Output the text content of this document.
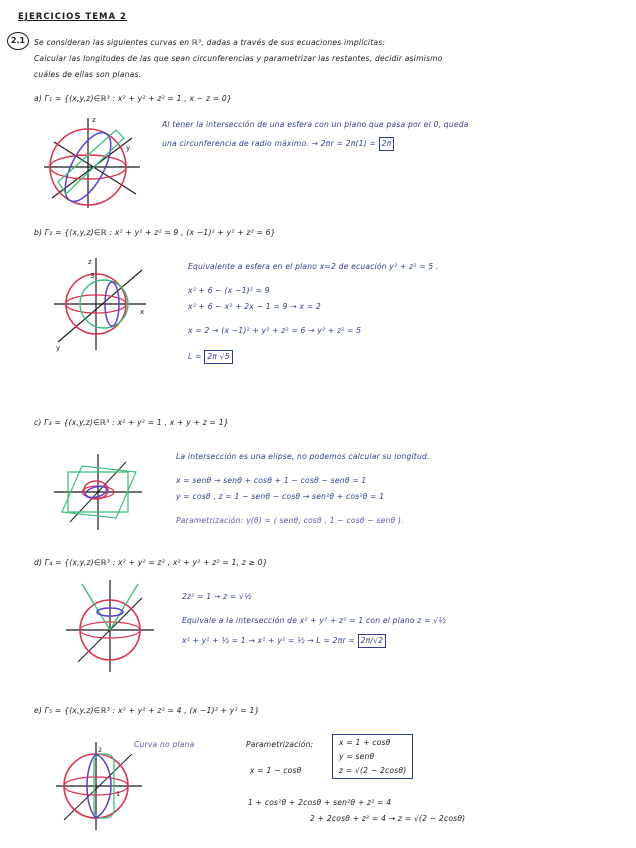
EJERCICIOS TEMA 2
2.1	Se consideran las siguientes curvas en ℝ³, dadas a través de sus ecuaciones implícitas:
Calcular las longitudes de las que sean circunferencias y parametrizar las restantes, decidir asimismo
cuáles de ellas son planas.
a) Γ₁ = {(x,y,z)∈ℝ³ : x² + y² + z² = 1 , x − z = 0}
z
y
Al tener la intersección de una esfera con un plano que pasa por el 0, queda
una circunferencia de radio máximo. → 2πr = 2π(1) = 2π
b) Γ₂ = {(x,y,z)∈ℝ : x² + y² + z² = 9 , (x −1)² + y² + z² = 6}
z
3
y
x
Equivalente a esfera en el plano x=2 de ecuación y² + z² = 5 .
x² + 6 − (x −1)² = 9
x² + 6 − x² + 2x − 1 = 9 → x = 2
x = 2 → (x −1)² + y² + z² = 6 → y² + z² = 5
L = 2π √5
c) Γ₃ = {(x,y,z)∈ℝ³ : x² + y² = 1 , x + y + z = 1}
La intersección es una elipse, no podemos calcular su longitud.
x = senθ → senθ + cosθ + 1 − cosθ − senθ = 1
y = cosθ , z = 1 − senθ − cosθ → sen²θ + cos²θ = 1
Parametrización: γ(θ) = ( senθ, cosθ , 1 − cosθ − senθ ).
d) Γ₄ = {(x,y,z)∈ℝ³ : x² + y² = z² , x² + y² + z² = 1, z ≥ 0}
2z² = 1 → z = √½
Equivale a la intersección de x² + y² + z² = 1 con el plano z = √½
x² + y² + ½ = 1 → x² + y² = ½ → L = 2πr = 2π/√2
e) Γ₅ = {(x,y,z)∈ℝ³ : x² + y² + z² = 4 , (x −1)² + y² = 1}
2
1
Curva no plana	Parametrización:	x = 1 + cosθ
y = senθ
z = √(2 − 2cosθ)
x = 1 − cosθ
1 + cos²θ + 2cosθ + sen²θ + z² = 4
2 + 2cosθ + z² = 4 → z = √(2 − 2cosθ)
